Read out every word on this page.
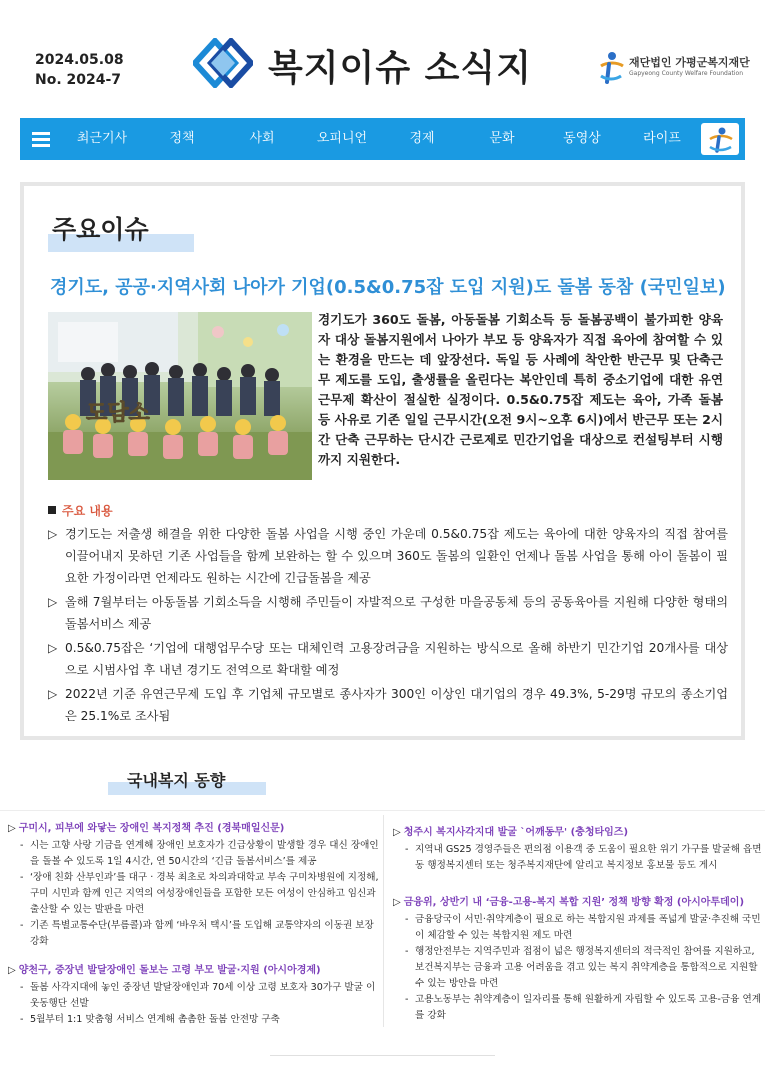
2024.05.08
No. 2024-7	복지이슈 소식지	재단법인 가평군복지재단
Gapyeong County Welfare Foundation
최근기사	정책	사회	오피니언	경제	문화	동영상	라이프
주요이슈
경기도, 공공·지역사회 나아가 기업(0.5&0.75잡 도입 지원)도 돌봄 동참 (국민일보)
도담소
경기도가 360도 돌봄, 아동돌봄 기회소득 등 돌봄공백이 불가피한 양육자 대상 돌봄지원에서 나아가 부모 등 양육자가 직접 육아에 참여할 수 있는 환경을 만드는 데 앞장선다. 독일 등 사례에 착안한 반근무 및 단축근무 제도를 도입, 출생률을 올린다는 복안인데 특히 중소기업에 대한 유연근무제 확산이 절실한 실정이다. 0.5&0.75잡 제도는 육아, 가족 돌봄 등 사유로 기존 일일 근무시간(오전 9시~오후 6시)에서 반근무 또는 2시간 단축 근무하는 단시간 근로제로 민간기업을 대상으로 컨설팅부터 시행까지 지원한다.
주요 내용
▷ 경기도는 저출생 해결을 위한 다양한 돌봄 사업을 시행 중인 가운데 0.5&0.75잡 제도는 육아에 대한 양육자의 직접 참여를 이끌어내지 못하던 기존 사업들을 함께 보완하는 할 수 있으며 360도 돌봄의 일환인 언제나 돌봄 사업을 통해 아이 돌봄이 필요한 가정이라면 언제라도 원하는 시간에 긴급돌봄을 제공
▷ 올해 7월부터는 아동돌봄 기회소득을 시행해 주민들이 자발적으로 구성한 마을공동체 등의 공동육아를 지원해 다양한 형태의 돌봄서비스 제공
▷ 0.5&0.75잡은 ‘기업에 대행업무수당 또는 대체인력 고용장려금을 지원하는 방식으로 올해 하반기 민간기업 20개사를 대상으로 시범사업 후 내년 경기도 전역으로 확대할 예정
▷ 2022년 기준 유연근무제 도입 후 기업체 규모별로 종사자가 300인 이상인 대기업의 경우 49.3%, 5-29명 규모의 종소기업은 25.1%로 조사됨
국내복지 동향
▷ 구미시, 피부에 와닿는 장애인 복지정책 추진 (경북매일신문)
- 시는 고향 사랑 기금을 연계해 장애인 보호자가 긴급상황이 발생할 경우 대신 장애인을 돌볼 수 있도록 1일 4시간, 연 50시간의 ‘긴급 돌봄서비스’를 제공
- ‘장애 친화 산부인과’를 대구 · 경북 최초로 차의과대학교 부속 구미차병원에 지정해, 구미 시민과 함께 인근 지역의 여성장애인들을 포함한 모든 여성이 안심하고 임신과 출산할 수 있는 발판을 마련
- 기존 특별교통수단(부름콜)과 함께 ‘바우처 택시’를 도입해 교통약자의 이동권 보장 강화
▷ 양천구, 중장년 발달장애인 돌보는 고령 부모 발굴·지원 (아시아경제)
- 돌봄 사각지대에 놓인 중장년 발달장애인과 70세 이상 고령 보호자 30가구 발굴 이웃동행단 선발
- 5월부터 1:1 맞춤형 서비스 연계해 촘촘한 돌봄 안전망 구축
▷ 청주시 복지사각지대 발굴 `어깨동무' (충청타임즈)
- 지역내 GS25 경영주들은 편의점 이용객 중 도움이 필요한 위기 가구를 발굴해 읍면동 행정복지센터 또는 청주복지재단에 알리고 복지정보 홍보물 등도 게시
▷ 금융위, 상반기 내 ‘금융-고용-복지 복합 지원’ 정책 방향 확정 (아시아투데이)
- 금융당국이 서민·취약계층이 필요로 하는 복합지원 과제를 폭넓게 발굴·추진해 국민이 체감할 수 있는 복합지원 제도 마련
- 행정안전부는 지역주민과 접점이 넓은 행정복지센터의 적극적인 참여를 지원하고, 보건복지부는 금융과 고용 어려움을 겪고 있는 복지 취약계층을 통합적으로 지원할 수 있는 방안을 마련
- 고용노동부는 취약계층이 일자리를 통해 원활하게 자립할 수 있도록 고용-금융 연계를 강화
